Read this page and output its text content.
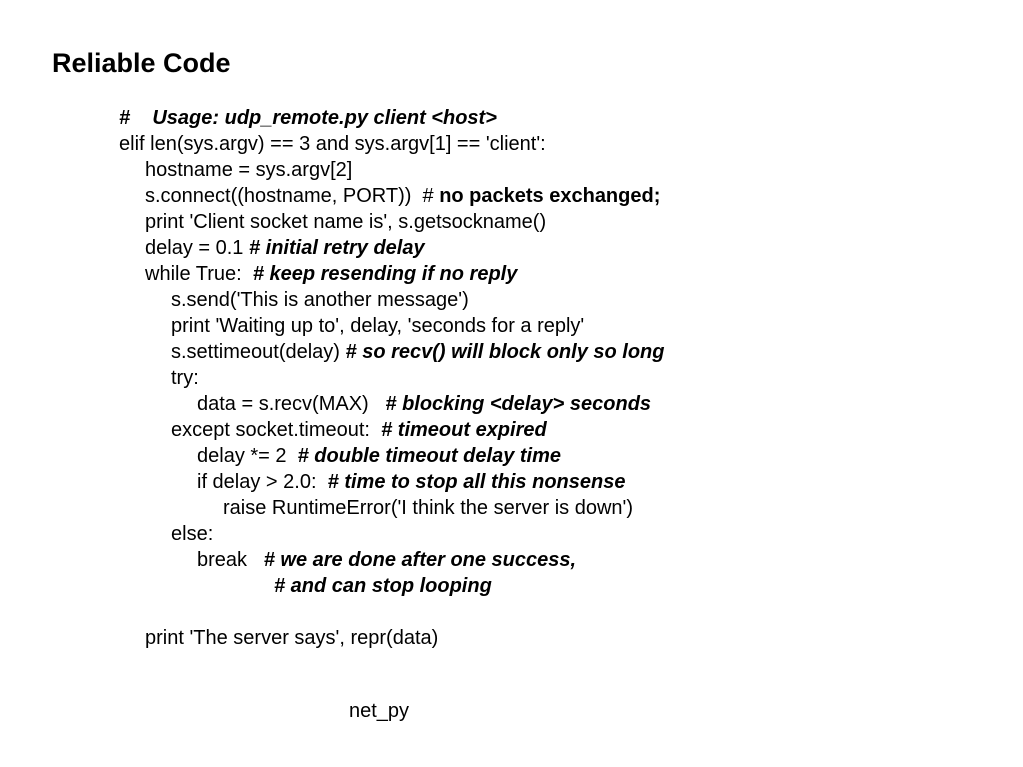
Reliable Code
#    Usage: udp_remote.py client <host>
elif len(sys.argv) == 3 and sys.argv[1] == 'client':
hostname = sys.argv[2]
s.connect((hostname, PORT))  # no packets exchanged;
print 'Client socket name is', s.getsockname()
delay = 0.1 # initial retry delay
while True:  # keep resending if no reply
s.send('This is another message')
print 'Waiting up to', delay, 'seconds for a reply'
s.settimeout(delay) # so recv() will block only so long
try:
data = s.recv(MAX)   # blocking <delay> seconds
except socket.timeout:  # timeout expired
delay *= 2  # double timeout delay time
if delay > 2.0:  # time to stop all this nonsense
raise RuntimeError('I think the server is down')
else:
break   # we are done after one success,
# and can stop looping
print 'The server says', repr(data)
net_py
